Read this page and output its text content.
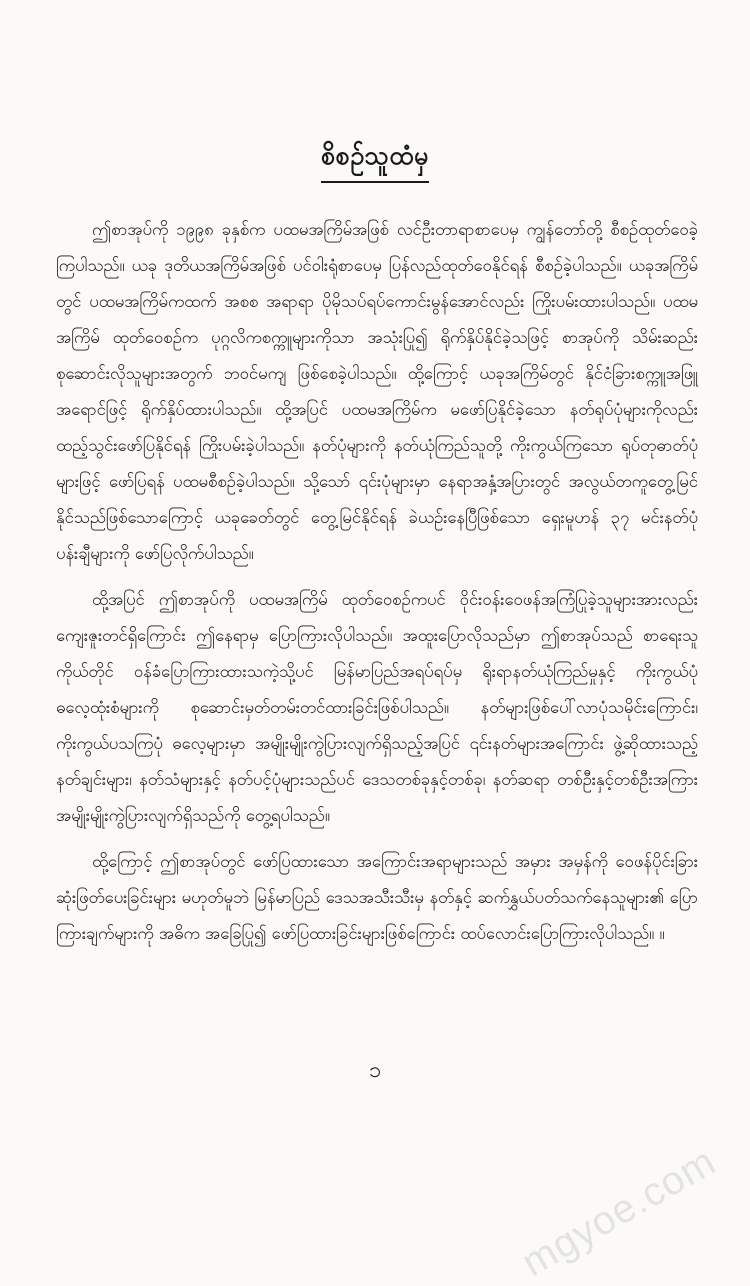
စိစဉ်သူထံမှ

ဤစာအုပ်ကို ၁၉၉၈ ခုနှစ်က ပထမအကြိမ်အဖြစ် လင်ဦးတာရာစာပေမှ ကျွန်တော်တို့ စီစဉ်ထုတ်ဝေခဲ့ကြပါသည်။ ယခု ဒုတိယအကြိမ်အဖြစ် ပင်ဝါးရုံစာပေမှ ပြန်လည်ထုတ်ဝေနိုင်ရန် စီစဉ်ခဲ့ပါသည်။ ယခုအကြိမ်တွင် ပထမအကြိမ်ကထက် အစစ အရာရာ ပိုမိုသပ်ရပ်ကောင်းမွန်အောင်လည်း ကြိုးပမ်းထားပါသည်။ ပထမအကြိမ် ထုတ်ဝေစဉ်က ပုဂ္ဂလိကစက္ကူများကိုသာ အသုံးပြု၍ ရိုက်နှိပ်နိုင်ခဲ့သဖြင့် စာအုပ်ကို သိမ်းဆည်းစုဆောင်းလိုသူများအတွက် ဘဝင်မကျ ဖြစ်စေခဲ့ပါသည်။ ထို့ကြောင့် ယခုအကြိမ်တွင် နိုင်ငံခြားစက္ကူအဖြူအရောင်ဖြင့် ရိုက်နှိပ်ထားပါသည်။ ထို့အပြင် ပထမအကြိမ်က မဖော်ပြနိုင်ခဲ့သော နတ်ရုပ်ပုံများကိုလည်း ထည့်သွင်းဖော်ပြနိုင်ရန် ကြိုးပမ်းခဲ့ပါသည်။ နတ်ပုံများကို နတ်ယုံကြည်သူတို့ ကိုးကွယ်ကြသော ရုပ်တုဓာတ်ပုံများဖြင့် ဖော်ပြရန် ပထမစီစဉ်ခဲ့ပါသည်။ သို့သော် ၎င်းပုံများမှာ နေရာအနှံ့အပြားတွင် အလွယ်တကူတွေ့မြင်နိုင်သည်ဖြစ်သောကြောင့် ယခုခေတ်တွင် တွေ့မြင်နိုင်ရန် ခဲယဉ်းနေပြီဖြစ်သော ရှေးမူဟန် ၃၇ မင်းနတ်ပုံ ပန်းချီများကို ဖော်ပြလိုက်ပါသည်။

ထို့အပြင် ဤစာအုပ်ကို ပထမအကြိမ် ထုတ်ဝေစဉ်ကပင် ဝိုင်းဝန်းဝေဖန်အကြံပြုခဲ့သူများအားလည်း ကျေးဇူးတင်ရှိကြောင်း ဤနေရာမှ ပြောကြားလိုပါသည်။ အထူးပြောလိုသည်မှာ ဤစာအုပ်သည် စာရေးသူကိုယ်တိုင် ဝန်ခံပြောကြားထားသကဲ့သို့ပင် မြန်မာပြည်အရပ်ရပ်မှ ရိုးရာနတ်ယုံကြည်မှုနှင့် ကိုးကွယ်ပုံဓလေ့ထုံးစံများကို စုဆောင်းမှတ်တမ်းတင်ထားခြင်းဖြစ်ပါသည်။ နတ်များဖြစ်ပေါ်လာပုံသမိုင်းကြောင်း၊ ကိုးကွယ်ပသကြပုံ ဓလေ့များမှာ အမျိုးမျိုးကွဲပြားလျက်ရှိသည့်အပြင် ၎င်းနတ်များအကြောင်း ဖွဲ့ဆိုထားသည့် နတ်ချင်းများ၊ နတ်သံများနှင့် နတ်ပင့်ပုံများသည်ပင် ဒေသတစ်ခုနှင့်တစ်ခု၊ နတ်ဆရာ တစ်ဦးနှင့်တစ်ဦးအကြား အမျိုးမျိုးကွဲပြားလျက်ရှိသည်ကို တွေ့ရပါသည်။

ထို့ကြောင့် ဤစာအုပ်တွင် ဖော်ပြထားသော အကြောင်းအရာများသည် အမှား အမှန်ကို ဝေဖန်ပိုင်းခြား ဆုံးဖြတ်ပေးခြင်းများ မဟုတ်မူဘဲ မြန်မာပြည် ဒေသအသီးသီးမှ နတ်နှင့် ဆက်နွှယ်ပတ်သက်နေသူများ၏ ပြောကြားချက်များကို အဓိက အခြေပြု၍ ဖော်ပြထားခြင်းများဖြစ်ကြောင်း ထပ်လောင်းပြောကြားလိုပါသည်။ ။

၁
mgyoe.com
